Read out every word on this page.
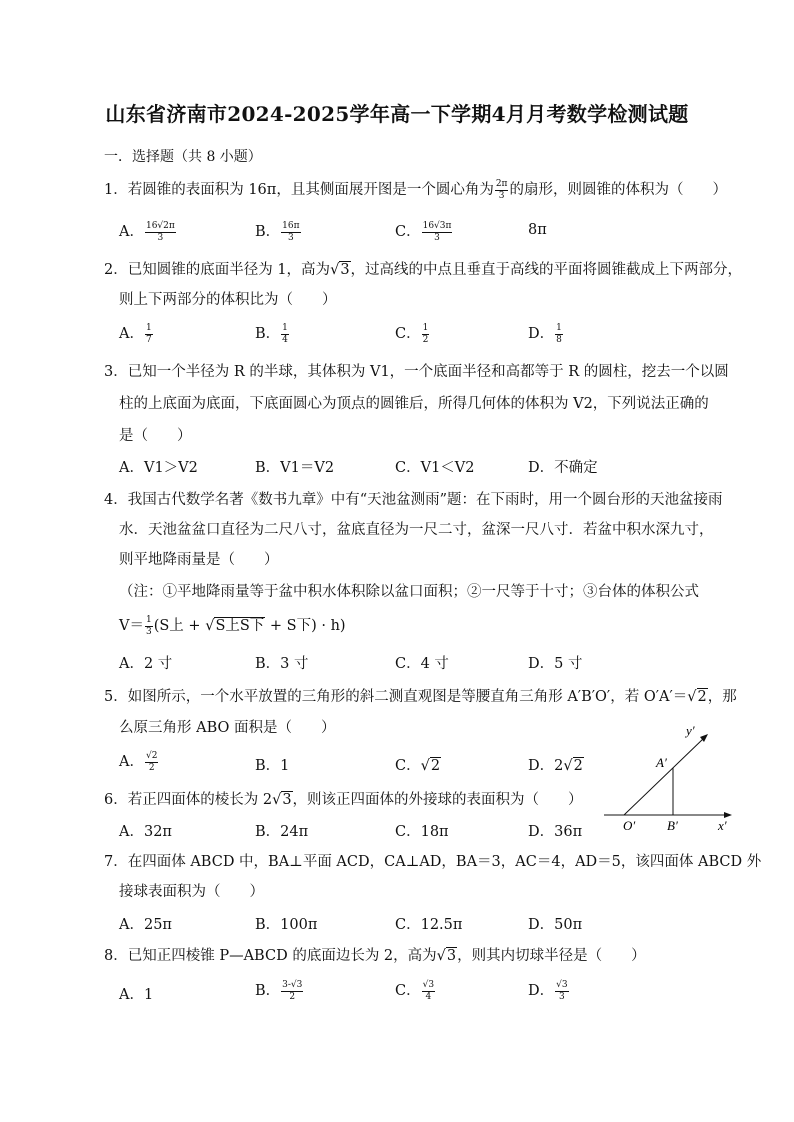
山东省济南市2024-2025学年高一下学期4月月考数学检测试题
一．选择题（共 8 小题）
1．若圆锥的表面积为 16π，且其侧面展开图是一个圆心角为 $\frac{2\pi}{3}$ 的扇形，则圆锥的体积为（　　）
A． $\frac{16√2\pi}{3}$	B． $\frac{16\pi}{3}$	C． $\frac{16√3\pi}{3}$	8π
2．已知圆锥的底面半径为 1，高为√3，过高线的中点且垂直于高线的平面将圆锥截成上下两部分，
则上下两部分的体积比为（　　）
A． $\frac{1}{7}$	B． $\frac{1}{4}$	C． $\frac{1}{2}$	D． $\frac{1}{8}$
3．已知一个半径为 R 的半球，其体积为 V1，一个底面半径和高都等于 R 的圆柱，挖去一个以圆
柱的上底面为底面，下底面圆心为顶点的圆锥后，所得几何体的体积为 V2，下列说法正确的
是（　　）
A．V1＞V2	B．V1＝V2	C．V1＜V2	D．不确定
4．我国古代数学名著《数书九章》中有“天池盆测雨”题：在下雨时，用一个圆台形的天池盆接雨
水．天池盆盆口直径为二尺八寸，盆底直径为一尺二寸，盆深一尺八寸．若盆中积水深九寸，
则平地降雨量是（　　）
（注：①平地降雨量等于盆中积水体积除以盆口面积；②一尺等于十寸；③台体的体积公式
$V= \frac{1}{3} (S$上 + √S上S下 + S下) · h)
A．2 寸	B．3 寸	C．4 寸	D．5 寸
5．如图所示，一个水平放置的三角形的斜二测直观图是等腰直角三角形 A′B′O′，若 O′A′＝√2，那
么原三角形 ABO 面积是（　　）
A． $\frac{√2}{2}$	B．1	C．√2	D．2√2
y′
x′
A′
O′ B′
6．若正四面体的棱长为 2√3，则该正四面体的外接球的表面积为（　　）
A．32π	B．24π	C．18π	D．36π
7．在四面体 ABCD 中，BA⊥平面 ACD，CA⊥AD，BA＝3，AC＝4，AD＝5，该四面体 ABCD 外
接球表面积为（　　）
A．25π	B．100π	C．12.5π	D．50π
8．已知正四棱锥 P—ABCD 的底面边长为 2，高为√3，则其内切球半径是（　　）
A．1	B． $\frac{3-√3}{2}$	C． $\frac{√3}{4}$	D． $\frac{√3}{3}$
